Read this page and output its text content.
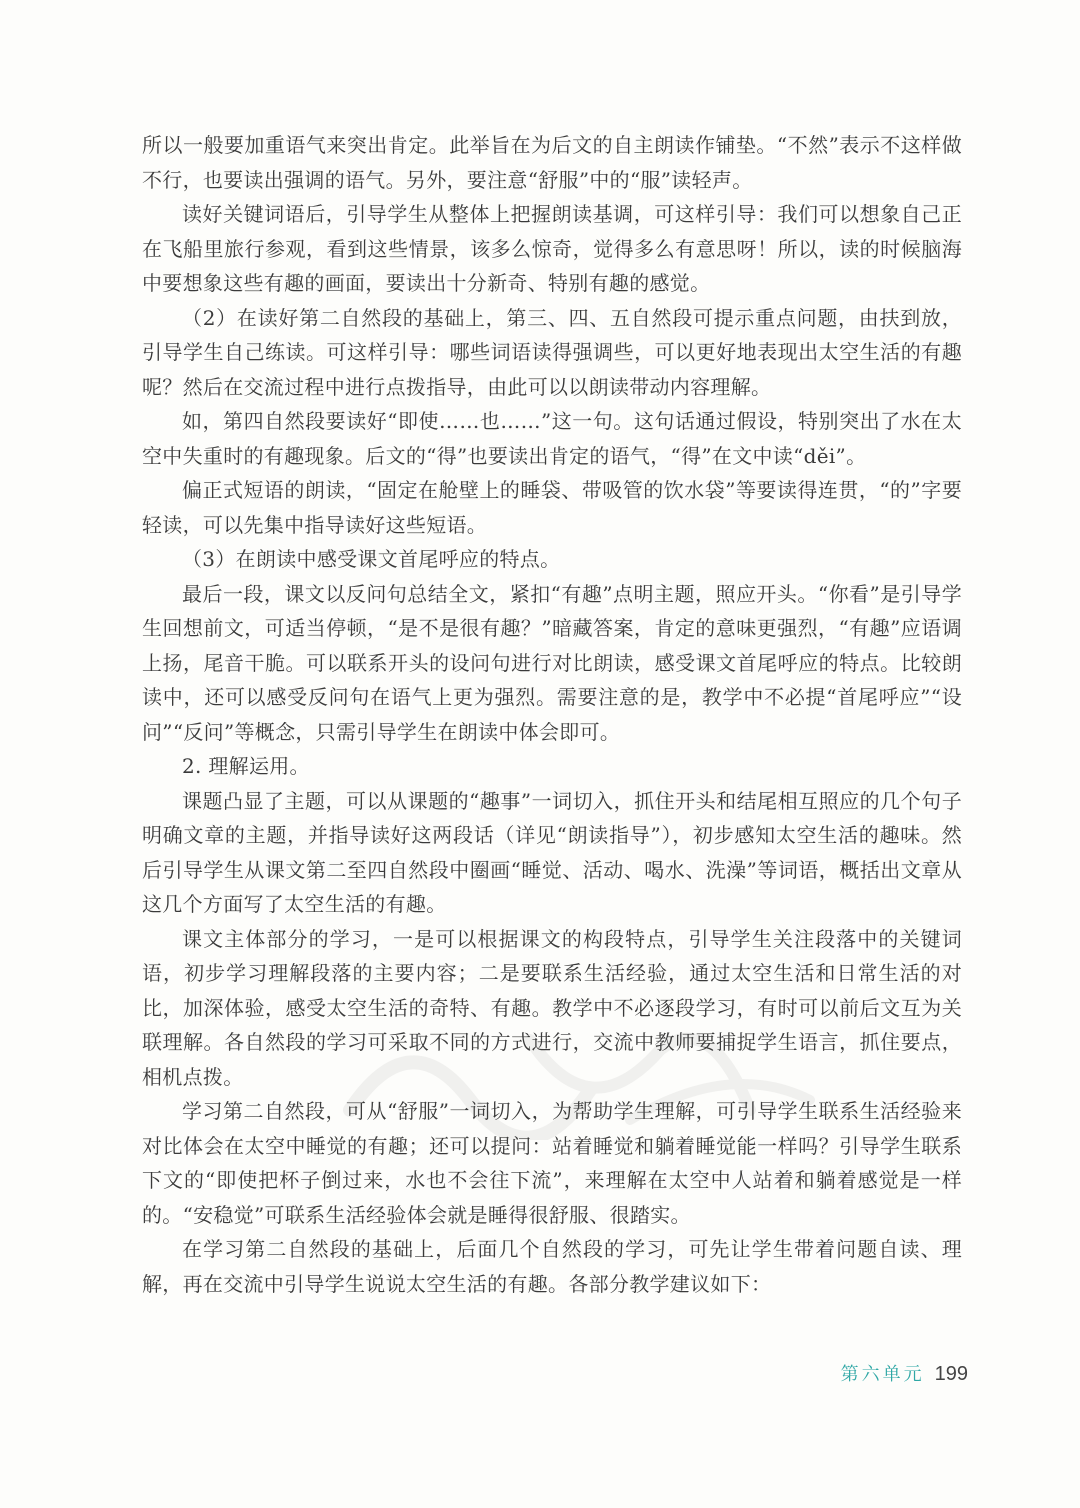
所以一般要加重语气来突出肯定。此举旨在为后文的自主朗读作铺垫。“不然”表示不这样做不行，也要读出强调的语气。另外，要注意“舒服”中的“服”读轻声。

读好关键词语后，引导学生从整体上把握朗读基调，可这样引导：我们可以想象自己正在飞船里旅行参观，看到这些情景，该多么惊奇，觉得多么有意思呀！所以，读的时候脑海中要想象这些有趣的画面，要读出十分新奇、特别有趣的感觉。

（2）在读好第二自然段的基础上，第三、四、五自然段可提示重点问题，由扶到放，引导学生自己练读。可这样引导：哪些词语读得强调些，可以更好地表现出太空生活的有趣呢？然后在交流过程中进行点拨指导，由此可以以朗读带动内容理解。

如，第四自然段要读好“即使……也……”这一句。这句话通过假设，特别突出了水在太空中失重时的有趣现象。后文的“得”也要读出肯定的语气，“得”在文中读“děi”。

偏正式短语的朗读，“固定在舱壁上的睡袋、带吸管的饮水袋”等要读得连贯，“的”字要轻读，可以先集中指导读好这些短语。

（3）在朗读中感受课文首尾呼应的特点。

最后一段，课文以反问句总结全文，紧扣“有趣”点明主题，照应开头。“你看”是引导学生回想前文，可适当停顿，“是不是很有趣？”暗藏答案，肯定的意味更强烈，“有趣”应语调上扬，尾音干脆。可以联系开头的设问句进行对比朗读，感受课文首尾呼应的特点。比较朗读中，还可以感受反问句在语气上更为强烈。需要注意的是，教学中不必提“首尾呼应”“设问”“反问”等概念，只需引导学生在朗读中体会即可。

2. 理解运用。

课题凸显了主题，可以从课题的“趣事”一词切入，抓住开头和结尾相互照应的几个句子明确文章的主题，并指导读好这两段话（详见“朗读指导”），初步感知太空生活的趣味。然后引导学生从课文第二至四自然段中圈画“睡觉、活动、喝水、洗澡”等词语，概括出文章从这几个方面写了太空生活的有趣。

课文主体部分的学习，一是可以根据课文的构段特点，引导学生关注段落中的关键词语，初步学习理解段落的主要内容；二是要联系生活经验，通过太空生活和日常生活的对比，加深体验，感受太空生活的奇特、有趣。教学中不必逐段学习，有时可以前后文互为关联理解。各自然段的学习可采取不同的方式进行，交流中教师要捕捉学生语言，抓住要点，相机点拨。

学习第二自然段，可从“舒服”一词切入，为帮助学生理解，可引导学生联系生活经验来对比体会在太空中睡觉的有趣；还可以提问：站着睡觉和躺着睡觉能一样吗？引导学生联系下文的“即使把杯子倒过来，水也不会往下流”，来理解在太空中人站着和躺着感觉是一样的。“安稳觉”可联系生活经验体会就是睡得很舒服、很踏实。

在学习第二自然段的基础上，后面几个自然段的学习，可先让学生带着问题自读、理解，再在交流中引导学生说说太空生活的有趣。各部分教学建议如下：

第六单元 199
